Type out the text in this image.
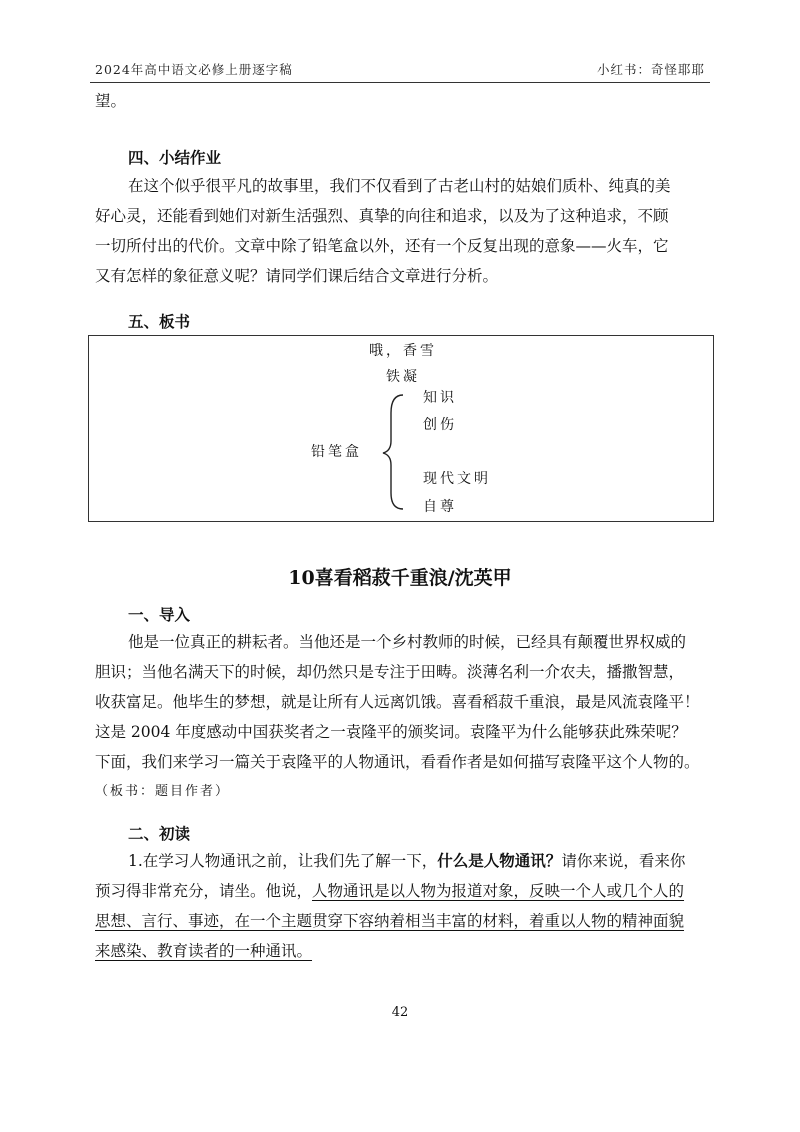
2024年高中语文必修上册逐字稿	小红书：奇怪耶耶
望。
四、小结作业
在这个似乎很平凡的故事里，我们不仅看到了古老山村的姑娘们质朴、纯真的美
好心灵，还能看到她们对新生活强烈、真挚的向往和追求，以及为了这种追求，不顾
一切所付出的代价。文章中除了铅笔盒以外，还有一个反复出现的意象——火车，它
又有怎样的象征意义呢？请同学们课后结合文章进行分析。
五、板书
哦，香雪
铁凝
铅笔盒
知识
创伤
现代文明
自尊
10喜看稻菽千重浪/沈英甲
一、导入
他是一位真正的耕耘者。当他还是一个乡村教师的时候，已经具有颠覆世界权威的
胆识；当他名满天下的时候，却仍然只是专注于田畴。淡薄名利一介农夫，播撒智慧，
收获富足。他毕生的梦想，就是让所有人远离饥饿。喜看稻菽千重浪，最是风流袁隆平！
这是 2004 年度感动中国获奖者之一袁隆平的颁奖词。袁隆平为什么能够获此殊荣呢？
下面，我们来学习一篇关于袁隆平的人物通讯，看看作者是如何描写袁隆平这个人物的。
（板书：题目作者）
二、初读
1.在学习人物通讯之前，让我们先了解一下，什么是人物通讯？请你来说，看来你
预习得非常充分，请坐。他说，人物通讯是以人物为报道对象，反映一个人或几个人的
思想、言行、事迹，在一个主题贯穿下容纳着相当丰富的材料，着重以人物的精神面貌
来感染、教育读者的一种通讯。
42
